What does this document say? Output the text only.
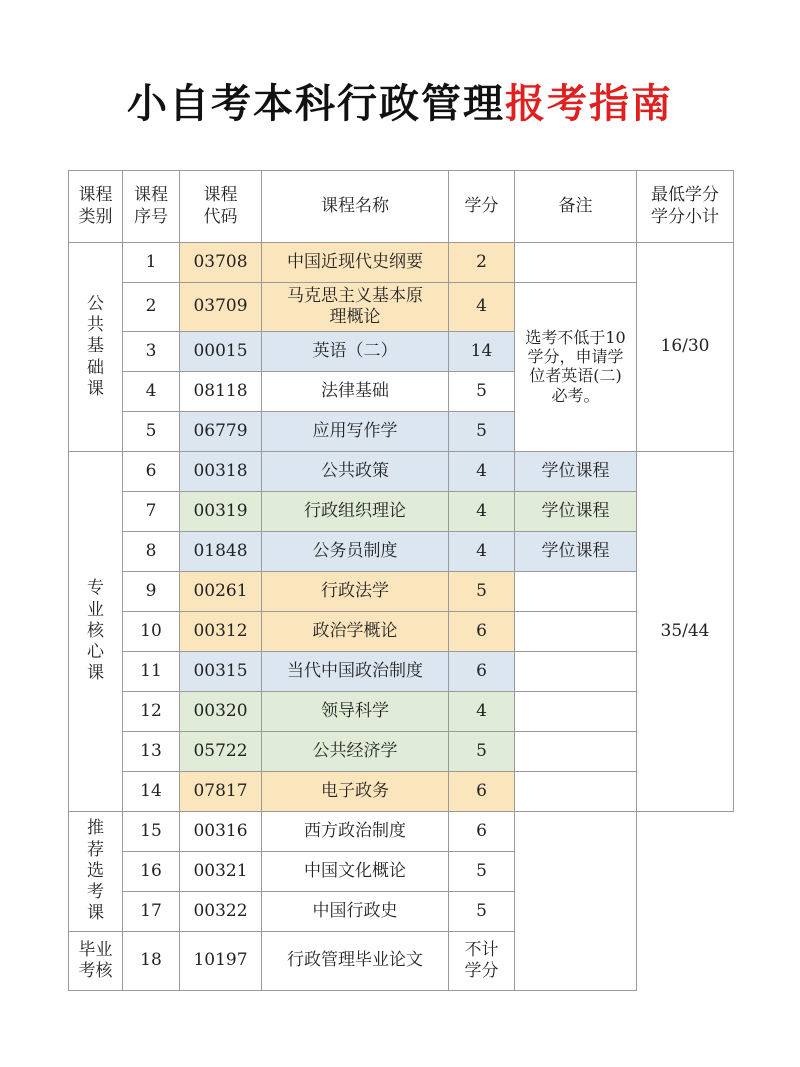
小自考本科行政管理报考指南
课程类别	课程序号	课程代码	课程名称	学分	备注	最低学分学分小计
公共基础课	1	03708	中国近现代史纲要	2		16/30
	2	03709	马克思主义基本原理概论	4	选考不低于10学分，申请学位者英语(二)必考。	
	3	00015	英语（二）	14		
	4	08118	法律基础	5		
	5	06779	应用写作学	5		
专业核心课	6	00318	公共政策	4	学位课程	35/44
	7	00319	行政组织理论	4	学位课程	
	8	01848	公务员制度	4	学位课程	
	9	00261	行政法学	5		
	10	00312	政治学概论	6		
	11	00315	当代中国政治制度	6		
	12	00320	领导科学	4		
	13	05722	公共经济学	5		
	14	07817	电子政务	6		
推荐选考课	15	00316	西方政治制度	6		
	16	00321	中国文化概论	5		
	17	00322	中国行政史	5		
毕业考核	18	10197	行政管理毕业论文	不计学分		
